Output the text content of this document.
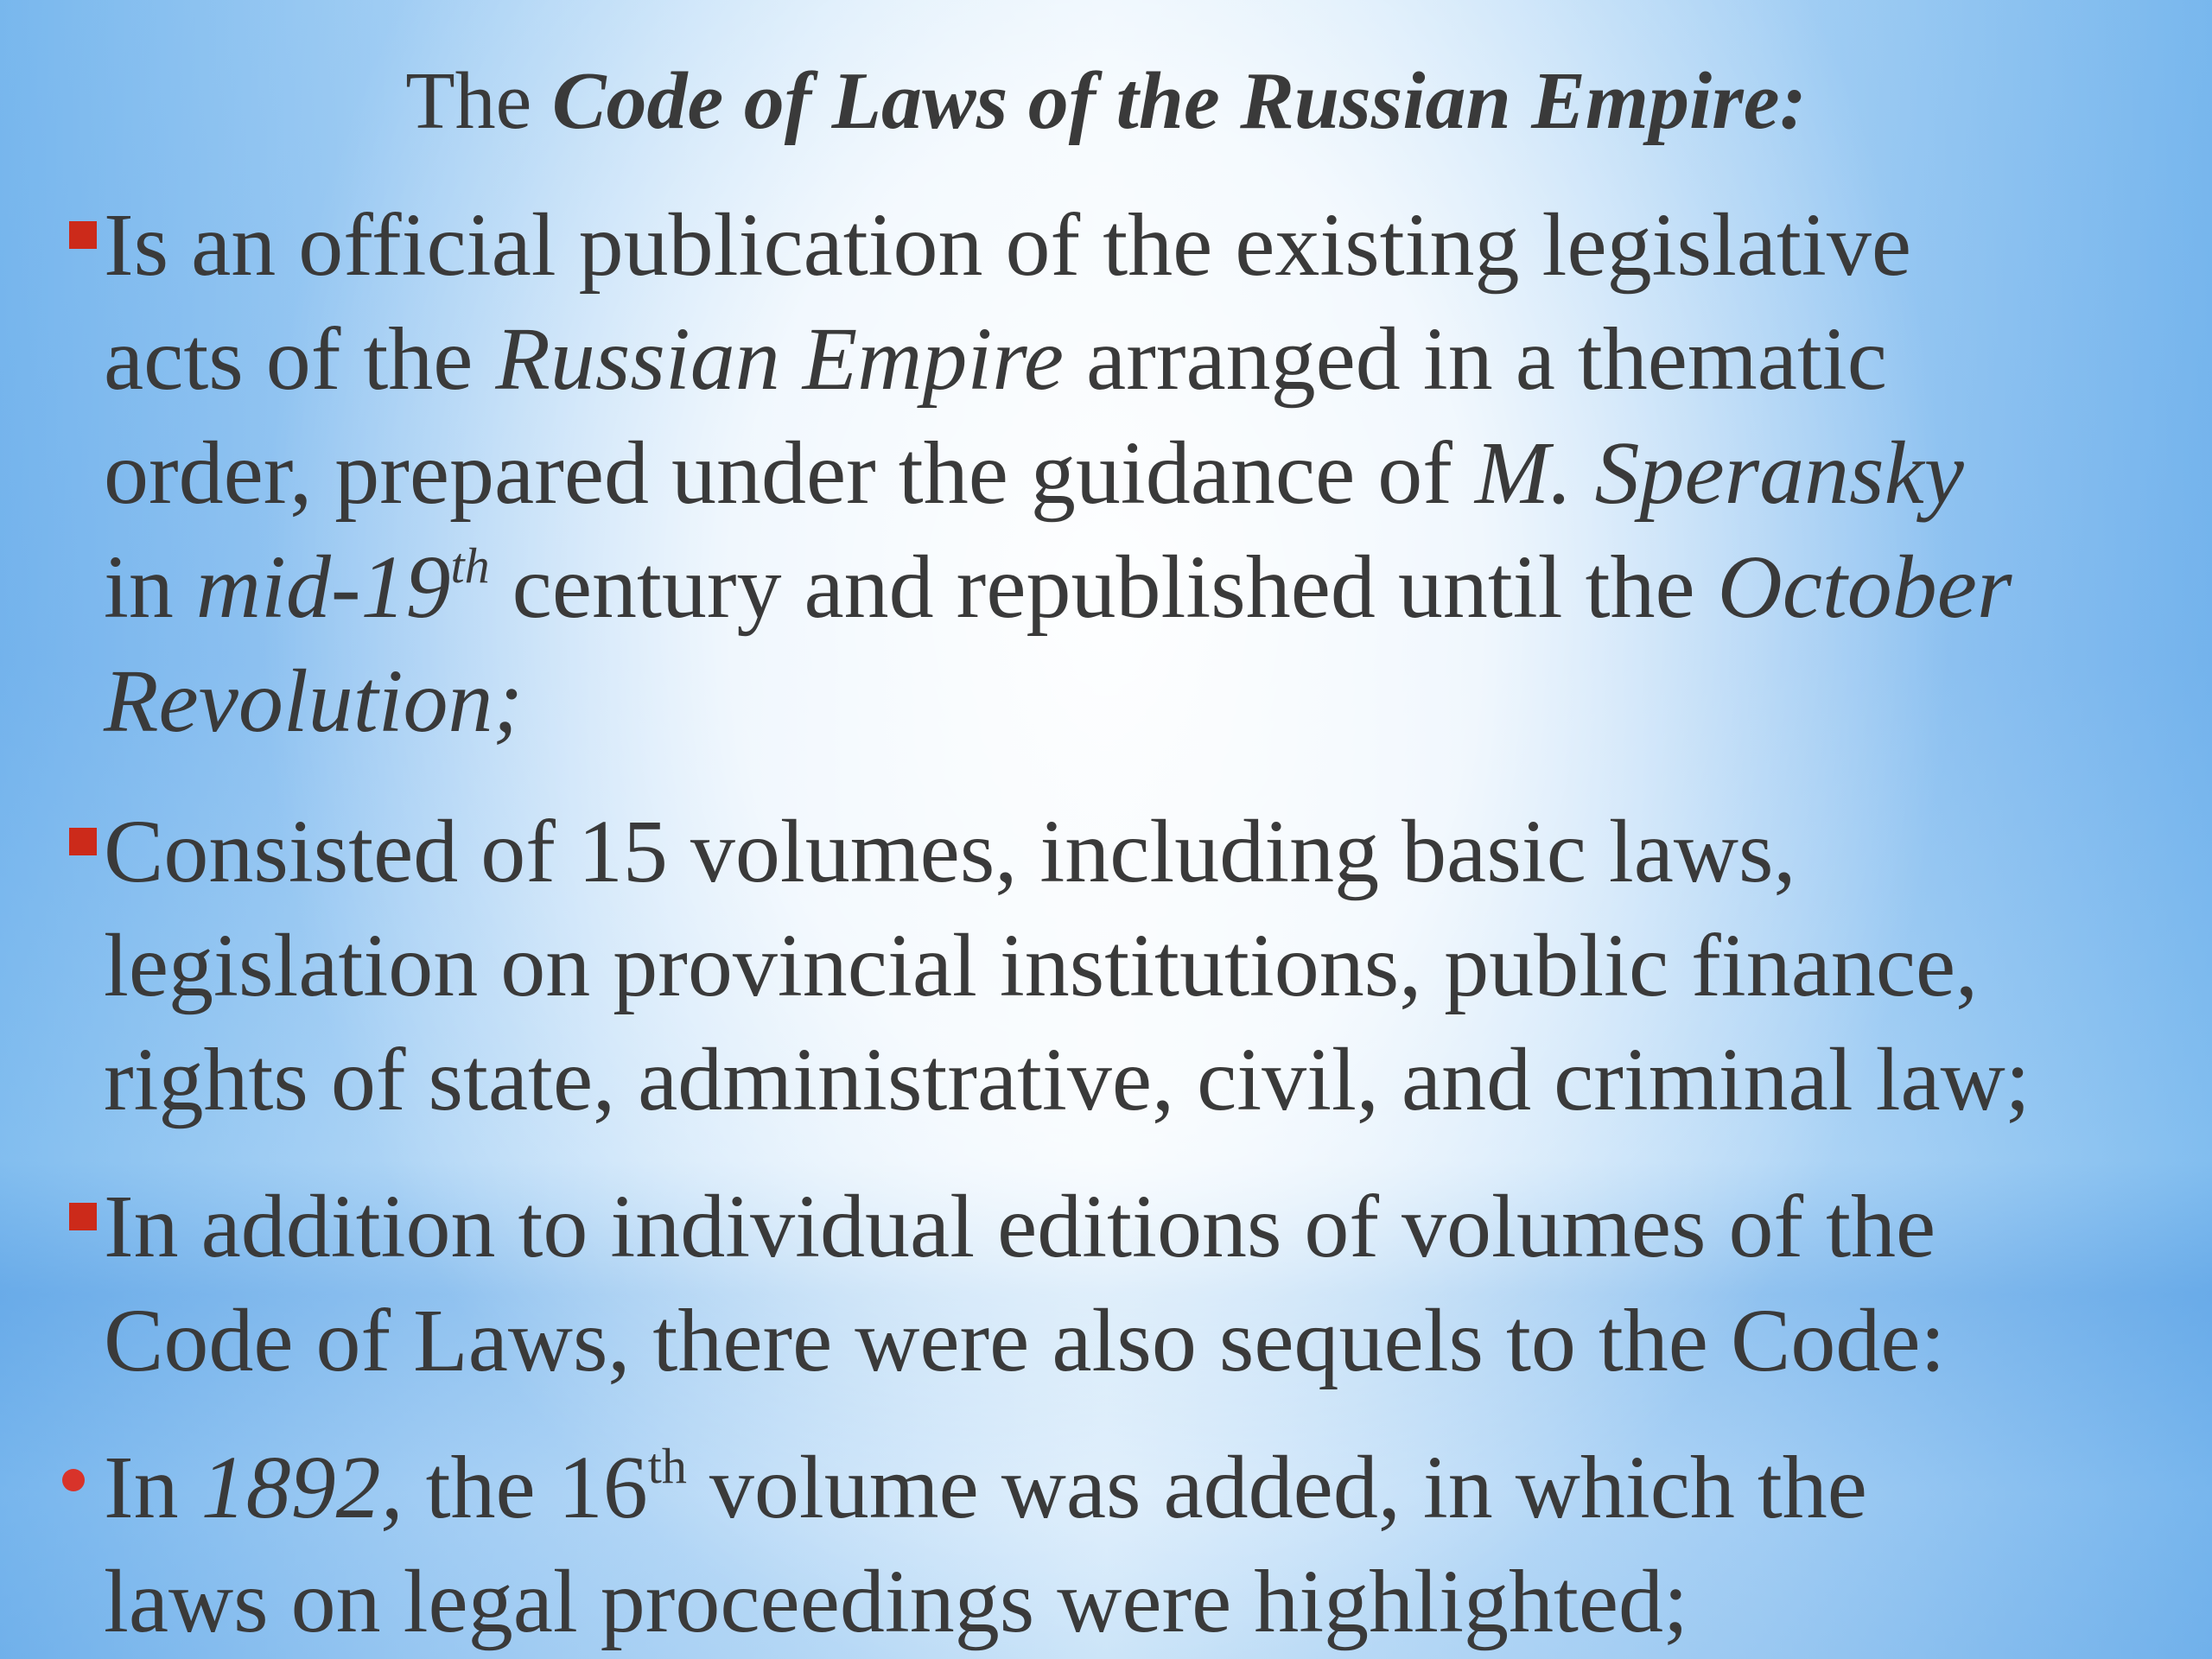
The Code of Laws of the Russian Empire:

Is an official publication of the existing legislative

acts of the Russian Empire arranged in a thematic

order, prepared under the guidance of M. Speransky

in mid-19th century and republished until the October

Revolution;

Consisted of 15 volumes, including basic laws,

legislation on provincial institutions, public finance,

rights of state, administrative, civil, and criminal law;

In addition to individual editions of volumes of the

Code of Laws, there were also sequels to the Code:

In 1892, the 16th volume was added, in which the

laws on legal proceedings were highlighted;
